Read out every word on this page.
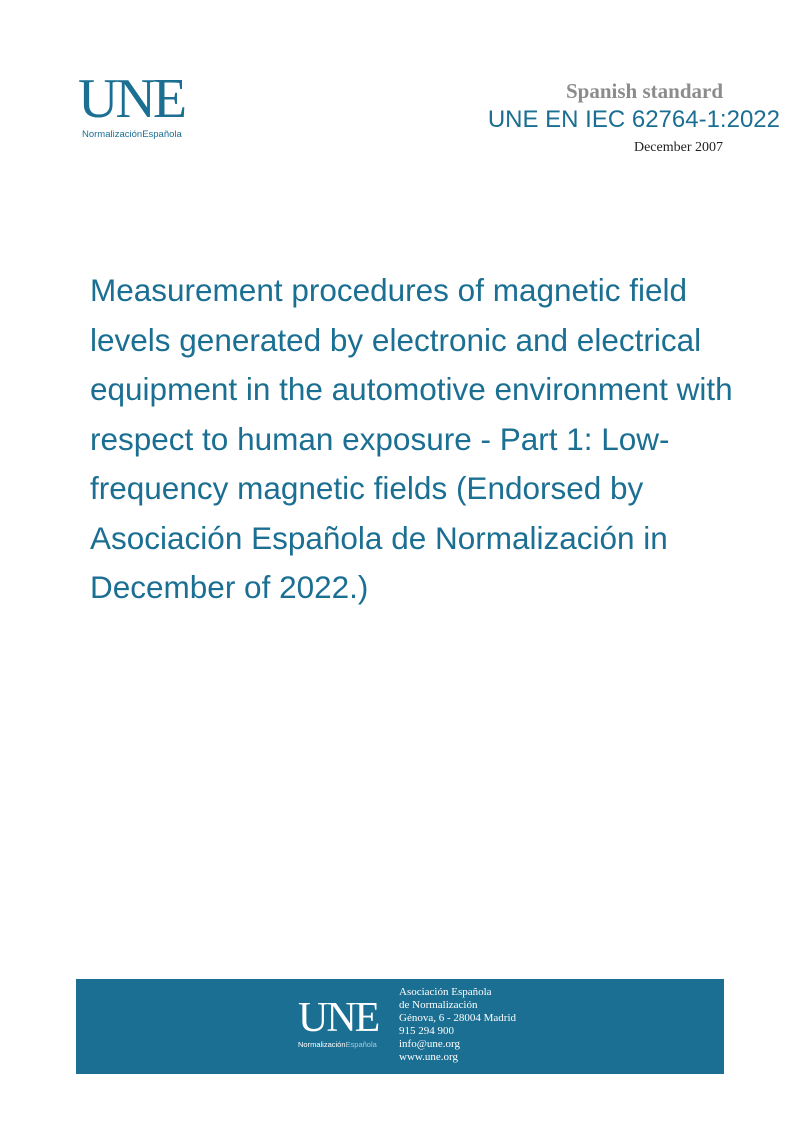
UNE
NormalizaciónEspañola
Spanish standard
UNE EN IEC 62764-1:2022
December 2007
Measurement procedures of magnetic field levels generated by electronic and electrical equipment in the automotive environment with respect to human exposure - Part 1: Low-frequency magnetic fields (Endorsed by Asociación Española de Normalización in December of 2022.)
UNE
NormalizaciónEspañola
Asociación Española
de Normalización
Génova, 6 - 28004 Madrid
915 294 900
info@une.org
www.une.org
